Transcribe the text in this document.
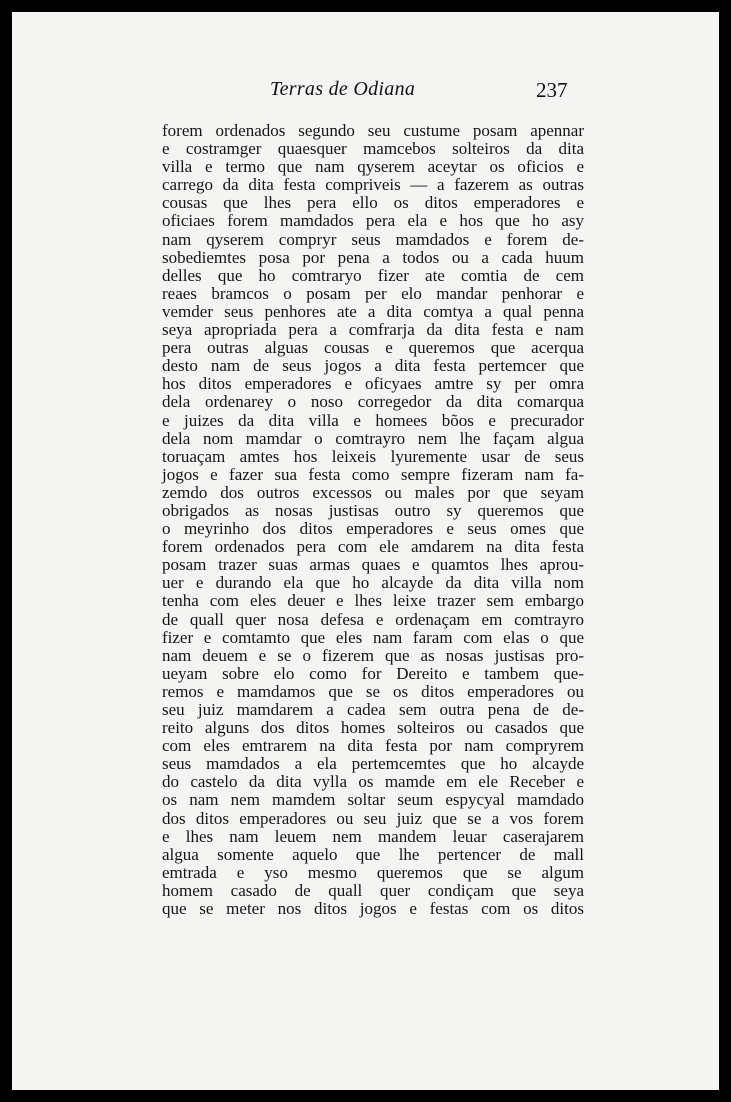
Terras de Odiana	237
forem ordenados segundo seu custume posam apennar
e costramger quaesquer mamcebos solteiros da dita
villa e termo que nam qyserem aceytar os oficios e
carrego da dita festa compriveis — a fazerem as outras
cousas que lhes pera ello os ditos emperadores e
oficiaes forem mamdados pera ela e hos que ho asy
nam qyserem compryr seus mamdados e forem de-
sobediemtes posa por pena a todos ou a cada huum
delles que ho comtraryo fizer ate comtia de cem
reaes bramcos o posam per elo mandar penhorar e
vemder seus penhores ate a dita comtya a qual penna
seya apropriada pera a comfrarja da dita festa e nam
pera outras alguas cousas e queremos que acerqua
desto nam de seus jogos a dita festa pertemcer que
hos ditos emperadores e oficyaes amtre sy per omra
dela ordenarey o noso corregedor da dita comarqua
e juizes da dita villa e homees bõos e precurador
dela nom mamdar o comtrayro nem lhe façam algua
toruaçam amtes hos leixeis lyuremente usar de seus
jogos e fazer sua festa como sempre fizeram nam fa-
zemdo dos outros excessos ou males por que seyam
obrigados as nosas justisas outro sy queremos que
o meyrinho dos ditos emperadores e seus omes que
forem ordenados pera com ele amdarem na dita festa
posam trazer suas armas quaes e quamtos lhes aprou-
uer e durando ela que ho alcayde da dita villa nom
tenha com eles deuer e lhes leixe trazer sem embargo
de quall quer nosa defesa e ordenaçam em comtrayro
fizer e comtamto que eles nam faram com elas o que
nam deuem e se o fizerem que as nosas justisas pro-
ueyam sobre elo como for Dereito e tambem que-
remos e mamdamos que se os ditos emperadores ou
seu juiz mamdarem a cadea sem outra pena de de-
reito alguns dos ditos homes solteiros ou casados que
com eles emtrarem na dita festa por nam compryrem
seus mamdados a ela pertemcemtes que ho alcayde
do castelo da dita vylla os mamde em ele Receber e
os nam nem mamdem soltar seum espycyal mamdado
dos ditos emperadores ou seu juiz que se a vos forem
e lhes nam leuem nem mandem leuar caserajarem
algua somente aquelo que lhe pertencer de mall
emtrada e yso mesmo queremos que se algum
homem casado de quall quer condiçam que seya
que se meter nos ditos jogos e festas com os ditos
